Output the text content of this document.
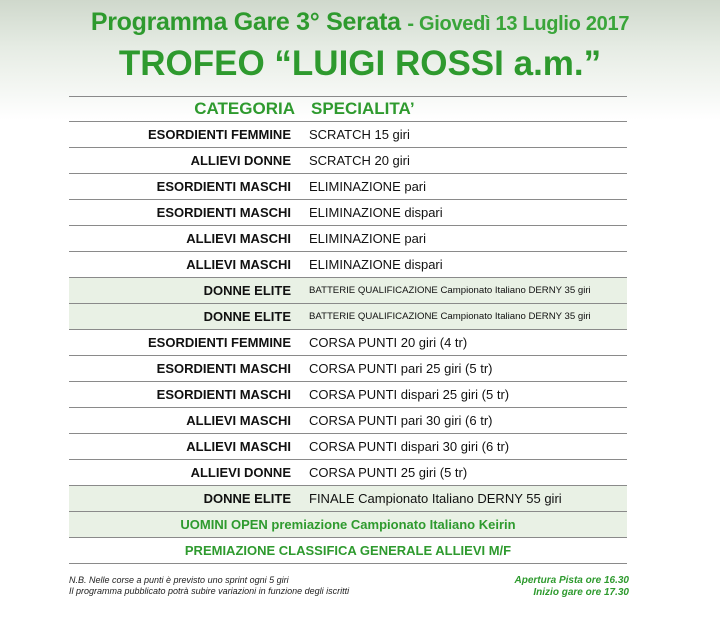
Programma Gare 3° Serata - Giovedì 13 Luglio 2017
TROFEO “LUIGI ROSSI a.m.”
CATEGORIA SPECIALITA’
ESORDIENTI FEMMINE	SCRATCH 15 giri
ALLIEVI DONNE	SCRATCH 20 giri
ESORDIENTI MASCHI	ELIMINAZIONE pari
ESORDIENTI MASCHI	ELIMINAZIONE dispari
ALLIEVI MASCHI	ELIMINAZIONE pari
ALLIEVI MASCHI	ELIMINAZIONE dispari
DONNE ELITE	BATTERIE QUALIFICAZIONE Campionato Italiano DERNY 35 giri
DONNE ELITE	BATTERIE QUALIFICAZIONE Campionato Italiano DERNY 35 giri
ESORDIENTI FEMMINE	CORSA PUNTI 20 giri (4 tr)
ESORDIENTI MASCHI	CORSA PUNTI pari 25 giri (5 tr)
ESORDIENTI MASCHI	CORSA PUNTI dispari 25 giri (5 tr)
ALLIEVI MASCHI	CORSA PUNTI pari 30 giri (6 tr)
ALLIEVI MASCHI	CORSA PUNTI dispari 30 giri (6 tr)
ALLIEVI DONNE	CORSA PUNTI 25 giri (5 tr)
DONNE ELITE	FINALE Campionato Italiano DERNY 55 giri
UOMINI OPEN premiazione Campionato Italiano Keirin
PREMIAZIONE CLASSIFICA GENERALE ALLIEVI M/F
N.B. Nelle corse a punti è previsto uno sprint ogni 5 giri
Il programma pubblicato potrà subire variazioni in funzione degli iscritti
Apertura Pista ore 16.30
Inizio gare ore 17.30
